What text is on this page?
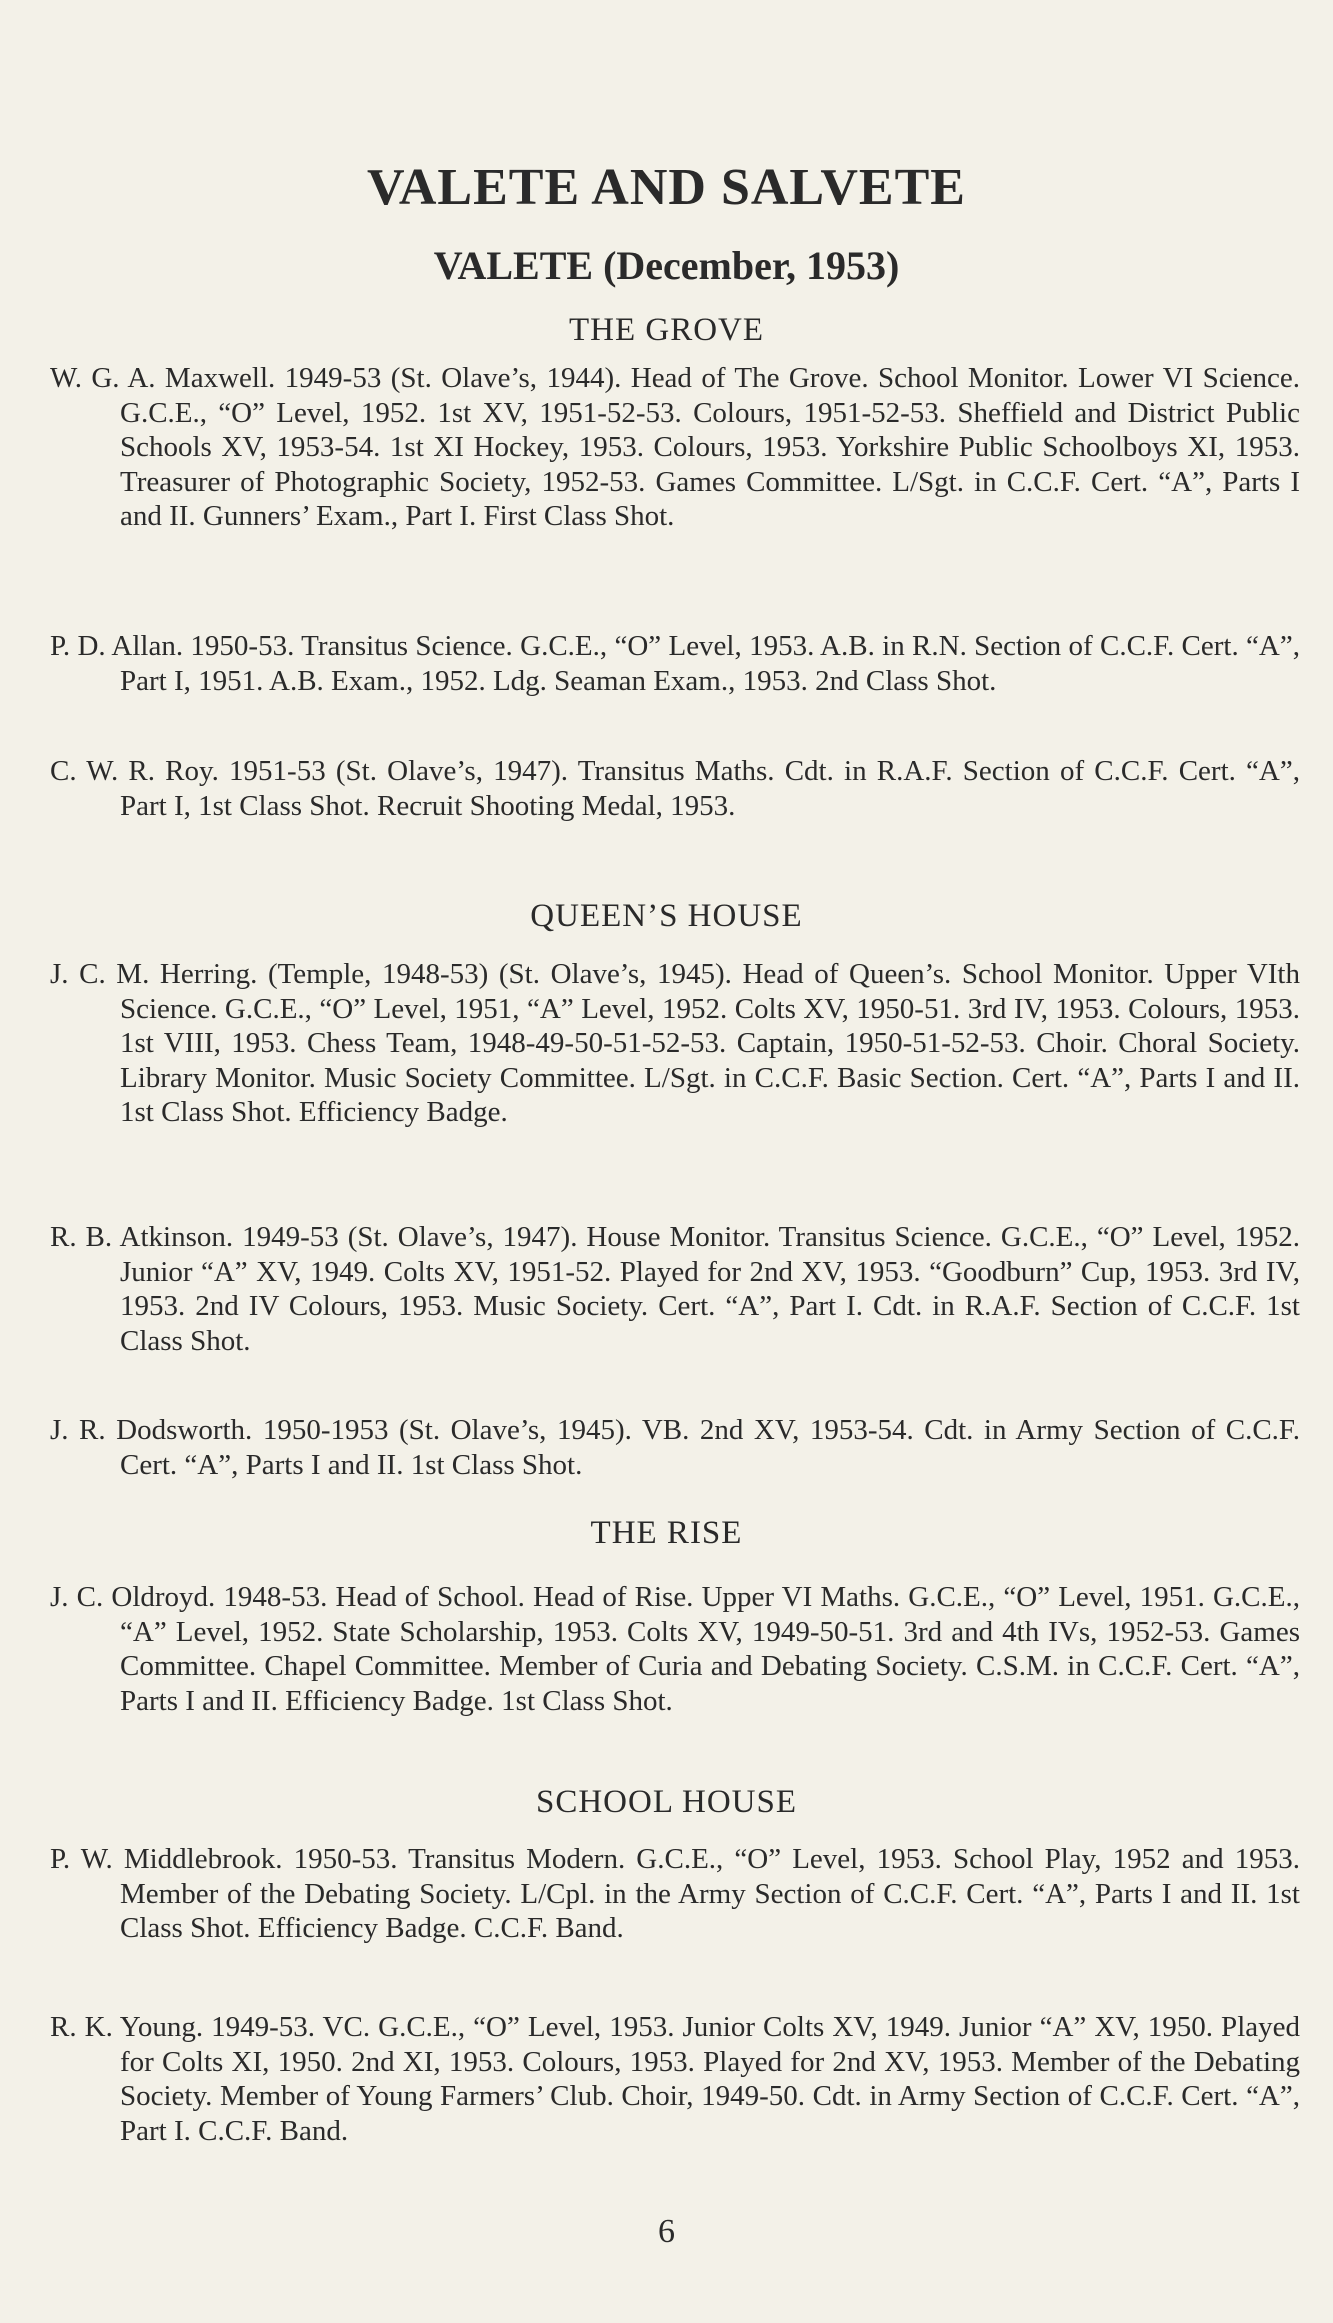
VALETE AND SALVETE
VALETE (December, 1953)
THE GROVE

W. G. A. Maxwell. 1949-53 (St. Olave’s, 1944). Head of The Grove. School Monitor. Lower VI Science. G.C.E., “O” Level, 1952. 1st XV, 1951-52-53. Colours, 1951-52-53. Sheffield and District Public Schools XV, 1953-54. 1st XI Hockey, 1953. Colours, 1953. Yorkshire Public Schoolboys XI, 1953. Treasurer of Photographic Society, 1952-53. Games Committee. L/Sgt. in C.C.F. Cert. “A”, Parts I and II. Gunners’ Exam., Part I. First Class Shot.

P. D. Allan. 1950-53. Transitus Science. G.C.E., “O” Level, 1953. A.B. in R.N. Section of C.C.F. Cert. “A”, Part I, 1951. A.B. Exam., 1952. Ldg. Seaman Exam., 1953. 2nd Class Shot.

C. W. R. Roy. 1951-53 (St. Olave’s, 1947). Transitus Maths. Cdt. in R.A.F. Section of C.C.F. Cert. “A”, Part I, 1st Class Shot. Recruit Shooting Medal, 1953.

QUEEN’S HOUSE

J. C. M. Herring. (Temple, 1948-53) (St. Olave’s, 1945). Head of Queen’s. School Monitor. Upper VIth Science. G.C.E., “O” Level, 1951, “A” Level, 1952. Colts XV, 1950-51. 3rd IV, 1953. Colours, 1953. 1st VIII, 1953. Chess Team, 1948-49-50-51-52-53. Captain, 1950-51-52-53. Choir. Choral Society. Library Monitor. Music Society Committee. L/Sgt. in C.C.F. Basic Section. Cert. “A”, Parts I and II. 1st Class Shot. Efficiency Badge.

R. B. Atkinson. 1949-53 (St. Olave’s, 1947). House Monitor. Transitus Science. G.C.E., “O” Level, 1952. Junior “A” XV, 1949. Colts XV, 1951-52. Played for 2nd XV, 1953. “Goodburn” Cup, 1953. 3rd IV, 1953. 2nd IV Colours, 1953. Music Society. Cert. “A”, Part I. Cdt. in R.A.F. Section of C.C.F. 1st Class Shot.

J. R. Dodsworth. 1950-1953 (St. Olave’s, 1945). VB. 2nd XV, 1953-54. Cdt. in Army Section of C.C.F. Cert. “A”, Parts I and II. 1st Class Shot.

THE RISE

J. C. Oldroyd. 1948-53. Head of School. Head of Rise. Upper VI Maths. G.C.E., “O” Level, 1951. G.C.E., “A” Level, 1952. State Scholarship, 1953. Colts XV, 1949-50-51. 3rd and 4th IVs, 1952-53. Games Committee. Chapel Committee. Member of Curia and Debating Society. C.S.M. in C.C.F. Cert. “A”, Parts I and II. Efficiency Badge. 1st Class Shot.

SCHOOL HOUSE

P. W. Middlebrook. 1950-53. Transitus Modern. G.C.E., “O” Level, 1953. School Play, 1952 and 1953. Member of the Debating Society. L/Cpl. in the Army Section of C.C.F. Cert. “A”, Parts I and II. 1st Class Shot. Efficiency Badge. C.C.F. Band.

R. K. Young. 1949-53. VC. G.C.E., “O” Level, 1953. Junior Colts XV, 1949. Junior “A” XV, 1950. Played for Colts XI, 1950. 2nd XI, 1953. Colours, 1953. Played for 2nd XV, 1953. Member of the Debating Society. Member of Young Farmers’ Club. Choir, 1949-50. Cdt. in Army Section of C.C.F. Cert. “A”, Part I. C.C.F. Band.

6
